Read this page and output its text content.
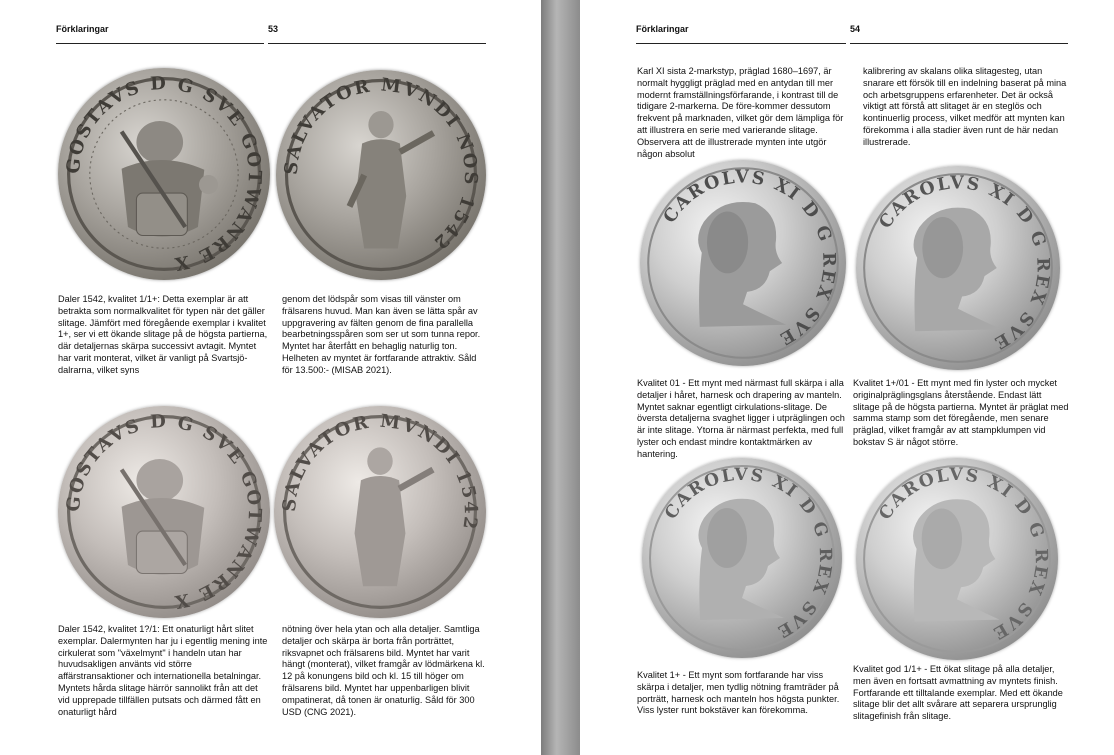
Förklaringar	53
GOSTAVS D G SVE GOTWANRE X
SALVATOR MVNDI NOS 1542
Daler 1542, kvalitet 1/1+: Detta exemplar är att betrakta som normalkvalitet för typen när det gäller slitage. Jämfört med föregående exemplar i kvalitet 1+, ser vi ett ökande slitage på de högsta partierna, där detaljernas skärpa successivt avtagit. Myntet har varit monterat, vilket är vanligt på Svartsjö-dalrarna, vilket syns
genom det lödspår som visas till vänster om frälsarens huvud. Man kan även se lätta spår av uppgravering av fälten genom de fina parallella bearbetningsspåren som ser ut som tunna repor. Myntet har återfått en behaglig naturlig ton. Helheten av myntet är fortfarande attraktiv. Såld för 13.500:- (MISAB 2021).
GOSTAVS D G SVE GOTWANRE X
SALVATOR MVNDI 1542
Daler 1542, kvalitet 1?/1: Ett onaturligt hårt slitet exemplar. Dalermynten har ju i egentlig mening inte cirkulerat som "växelmynt" i handeln utan har huvudsakligen använts vid större affärstransaktioner och internationella betalningar. Myntets hårda slitage härrör sannolikt från att det vid upprepade tillfällen putsats och därmed fått en onaturligt hård
nötning över hela ytan och alla detaljer. Samtliga detaljer och skärpa är borta från porträttet, riksvapnet och frälsarens bild. Myntet har varit hängt (monterat), vilket framgår av lödmärkena kl. 12 på konungens bild och kl. 15 till höger om frälsarens bild. Myntet har uppenbarligen blivit ompatinerat, då tonen är onaturlig. Såld för 300 USD (CNG 2021).
Förklaringar	54
Karl XI sista 2-markstyp, präglad 1680–1697, är normalt hyggligt präglad med en antydan till mer modernt framställningsförfarande, i kontrast till de tidigare 2-markerna. De före-kommer dessutom frekvent på marknaden, vilket gör dem lämpliga för att illustrera en serie med varierande slitage. Observera att de illustrerade mynten inte utgör någon absolut
kalibrering av skalans olika slitagesteg, utan snarare ett försök till en indelning baserat på mina och arbetsgruppens erfarenheter. Det är också viktigt att förstå att slitaget är en steglös och kontinuerlig process, vilket medför att mynten kan förekomma i alla stadier även runt de här nedan illustrerade.
CAROLVS XI D G REX SVE
CAROLVS XI D G REX SVE
Kvalitet 01 - Ett mynt med närmast full skärpa i alla detaljer i håret, harnesk och drapering av manteln. Myntet saknar egentligt cirkulations-slitage. De översta detaljerna svaghet ligger i utpräglingen och är inte slitage. Ytorna är närmast perfekta, med full lyster och endast mindre kontaktmärken av hantering.
Kvalitet 1+/01 - Ett mynt med fin lyster och mycket originalpräglingsglans återstående. Endast lätt slitage på de högsta partierna. Myntet är präglat med samma stamp som det föregående, men senare präglad, vilket framgår av att stampklumpen vid bokstav S är något större.
CAROLVS XI D G REX SVE
CAROLVS XI D G REX SVE
Kvalitet 1+ - Ett mynt som fortfarande har viss skärpa i detaljer, men tydlig nötning framträder på porträtt, harnesk och manteln hos högsta punkter. Viss lyster runt bokstäver kan förekomma.
Kvalitet god 1/1+ - Ett ökat slitage på alla detaljer, men även en fortsatt avmattning av myntets finish. Fortfarande ett tilltalande exemplar. Med ett ökande slitage blir det allt svårare att separera ursprunglig slitagefinish från slitage.
